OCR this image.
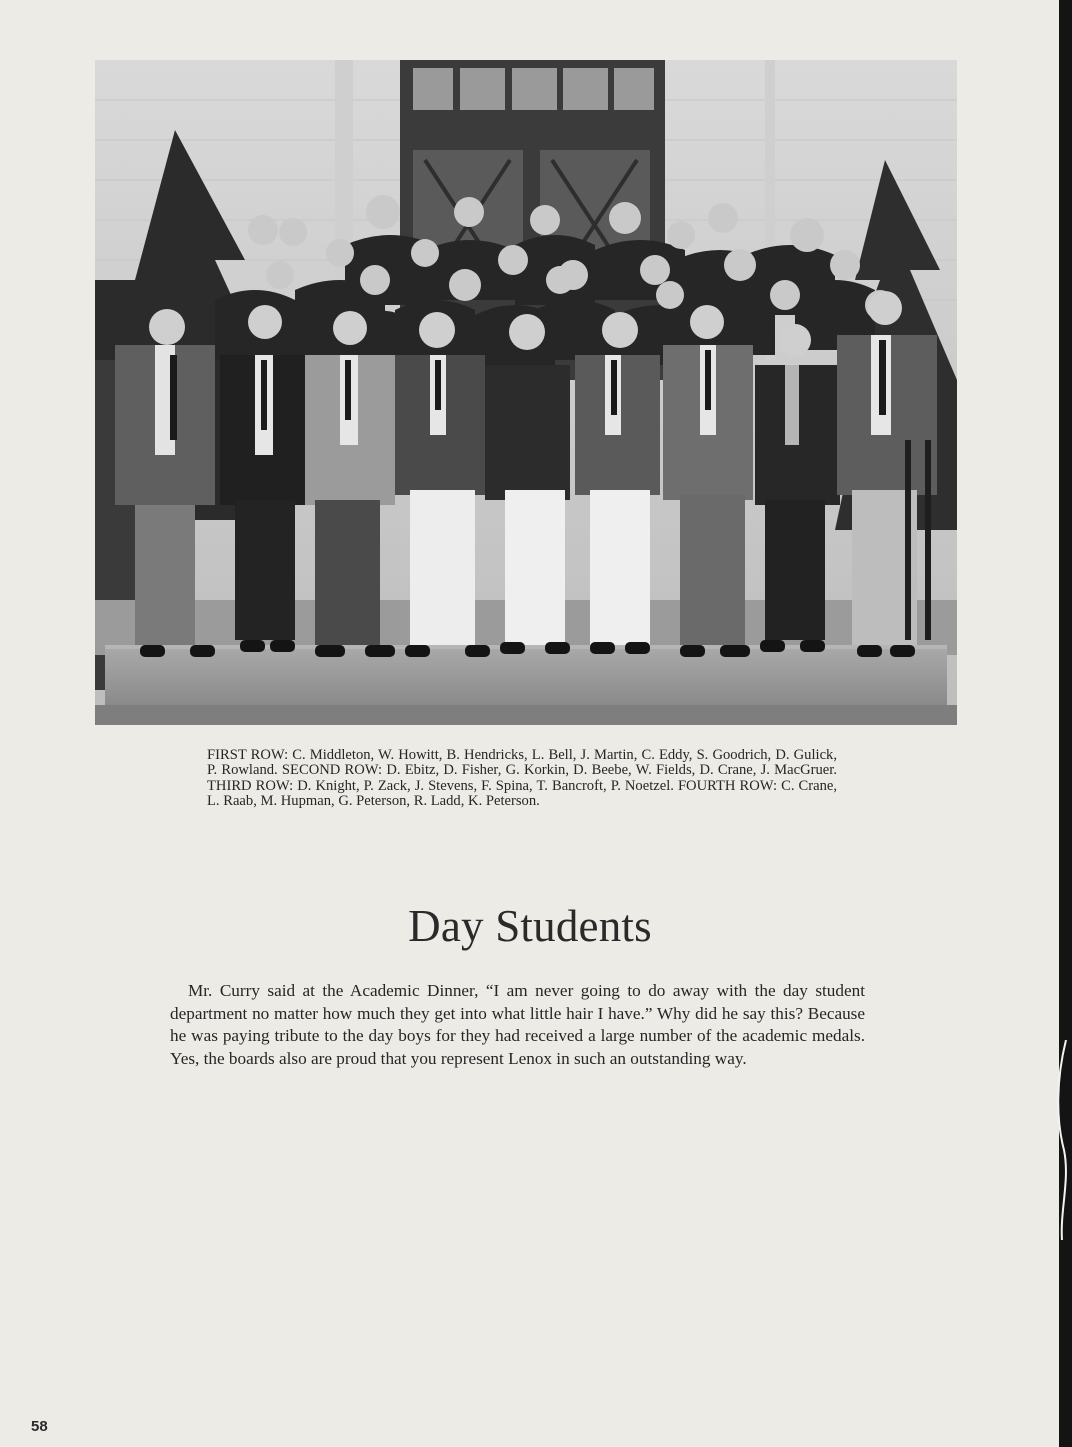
FIRST ROW: C. Middleton, W. Howitt, B. Hendricks, L. Bell, J. Martin, C. Eddy, S. Goodrich, D. Gulick, P. Rowland. SECOND ROW: D. Ebitz, D. Fisher, G. Korkin, D. Beebe, W. Fields, D. Crane, J. MacGruer. THIRD ROW: D. Knight, P. Zack, J. Stevens, F. Spina, T. Bancroft, P. Noetzel. FOURTH ROW: C. Crane, L. Raab, M. Hupman, G. Peterson, R. Ladd, K. Peterson.
Day Students

Mr. Curry said at the Academic Dinner, “I am never going to do away with the day student department no matter how much they get into what little hair I have.” Why did he say this? Because he was paying tribute to the day boys for they had received a large number of the academic medals. Yes, the boards also are proud that you represent Lenox in such an outstanding way.

58
